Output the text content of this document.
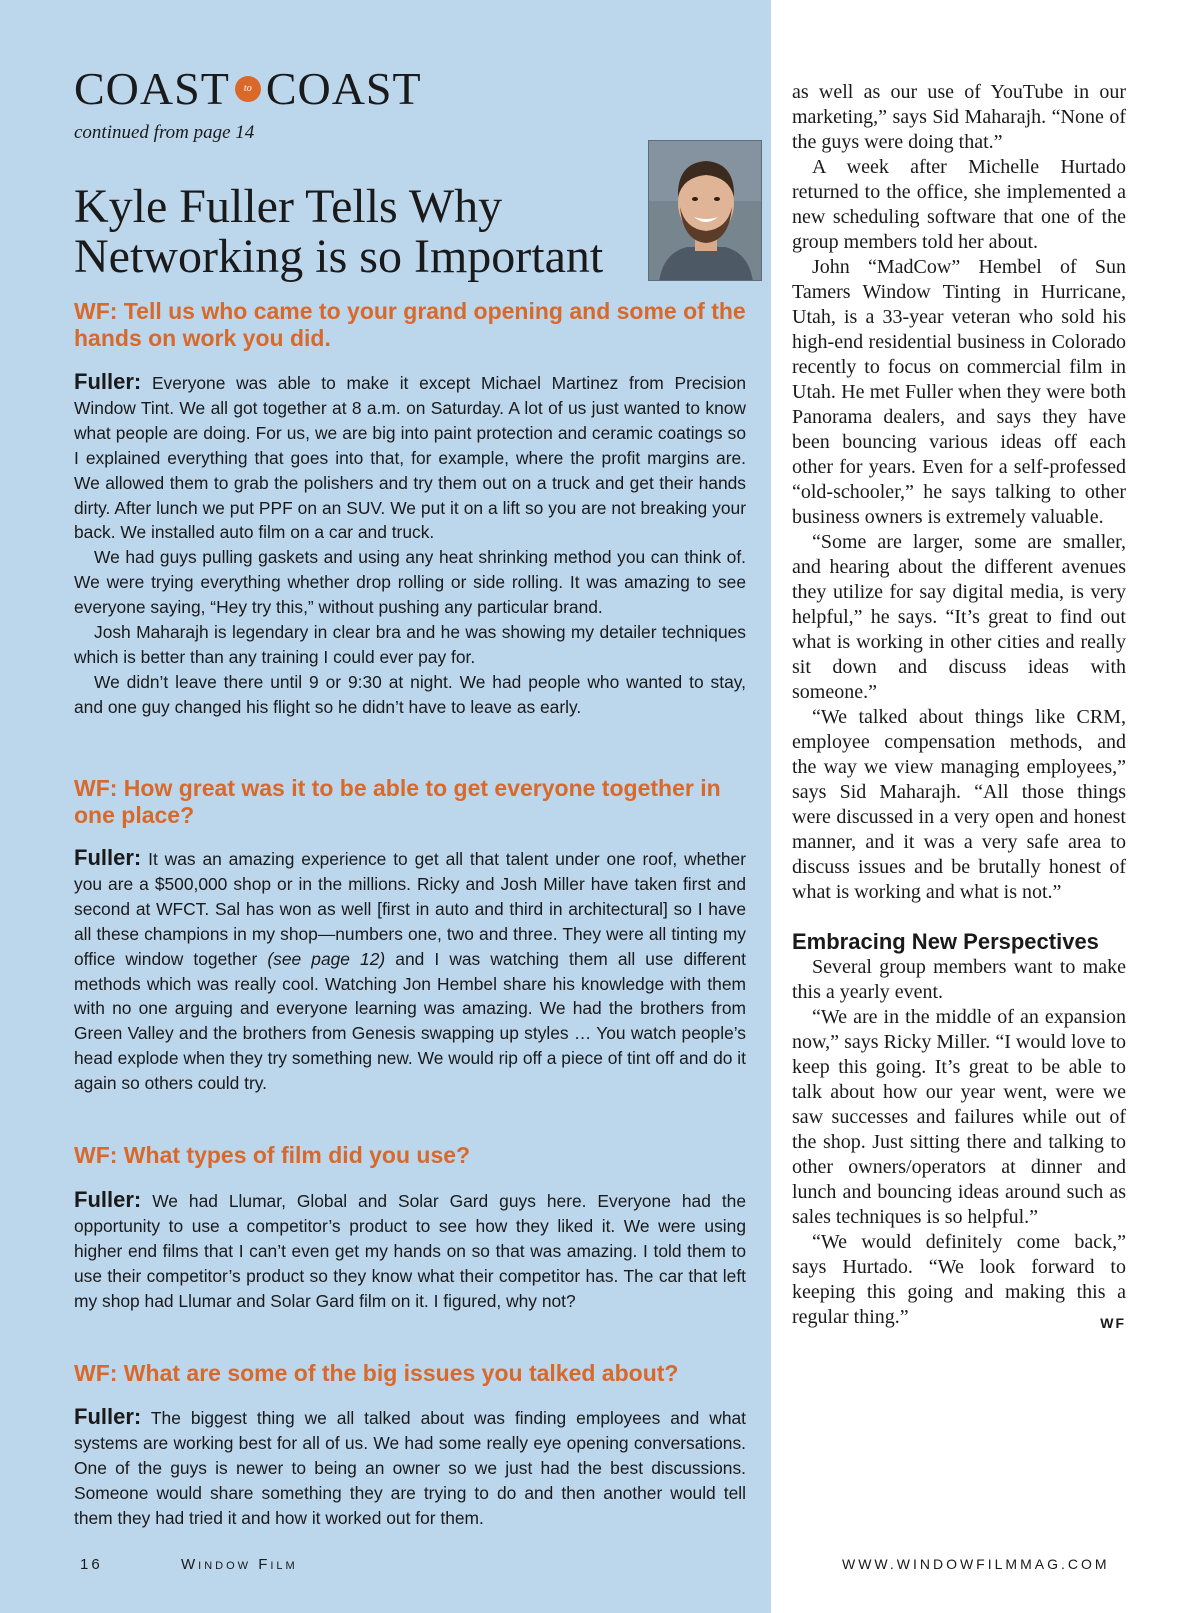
COAST	to COAST
continued from page 14
Kyle Fuller Tells Why
Networking is so Important
WF: Tell us who came to your grand opening and some of the hands on work you did.

Fuller: Everyone was able to make it except Michael Martinez from Precision Window Tint. We all got together at 8 a.m. on Saturday. A lot of us just wanted to know what people are doing. For us, we are big into paint protection and ceramic coatings so I explained everything that goes into that, for example, where the profit margins are. We allowed them to grab the polishers and try them out on a truck and get their hands dirty. After lunch we put PPF on an SUV. We put it on a lift so you are not breaking your back. We installed auto film on a car and truck.

We had guys pulling gaskets and using any heat shrinking method you can think of. We were trying everything whether drop rolling or side rolling. It was amazing to see everyone saying, “Hey try this,” without pushing any particular brand.

Josh Maharajh is legendary in clear bra and he was showing my detailer techniques which is better than any training I could ever pay for.

We didn’t leave there until 9 or 9:30 at night. We had people who wanted to stay, and one guy changed his flight so he didn’t have to leave as early.

WF: How great was it to be able to get everyone together in one place?

Fuller: It was an amazing experience to get all that talent under one roof, whether you are a $500,000 shop or in the millions. Ricky and Josh Miller have taken first and second at WFCT. Sal has won as well [first in auto and third in architectural] so I have all these champions in my shop—numbers one, two and three. They were all tinting my office window together (see page 12) and I was watching them all use different methods which was really cool. Watching Jon Hembel share his knowledge with them with no one arguing and everyone learning was amazing. We had the brothers from Green Valley and the brothers from Genesis swapping up styles … You watch people’s head explode when they try something new. We would rip off a piece of tint off and do it again so others could try.

WF: What types of film did you use?

Fuller: We had Llumar, Global and Solar Gard guys here. Everyone had the opportunity to use a competitor’s product to see how they liked it. We were using higher end films that I can’t even get my hands on so that was amazing. I told them to use their competitor’s product so they know what their competitor has. The car that left my shop had Llumar and Solar Gard film on it. I figured, why not?

WF: What are some of the big issues you talked about?

Fuller: The biggest thing we all talked about was finding employees and what systems are working best for all of us. We had some really eye opening conversations. One of the guys is newer to being an owner so we just had the best discussions. Someone would share something they are trying to do and then another would tell them they had tried it and how it worked out for them.

as well as our use of YouTube in our marketing,” says Sid Maharajh. “None of the guys were doing that.”

A week after Michelle Hurtado returned to the office, she implemented a new scheduling software that one of the group members told her about.

John “MadCow” Hembel of Sun Tamers Window Tinting in Hurricane, Utah, is a 33-year veteran who sold his high-end residential business in Colorado recently to focus on commercial film in Utah. He met Fuller when they were both Panorama dealers, and says they have been bouncing various ideas off each other for years. Even for a self-professed “old-schooler,” he says talking to other business owners is extremely valuable.

“Some are larger, some are smaller, and hearing about the different avenues they utilize for say digital media, is very helpful,” he says. “It’s great to find out what is working in other cities and really sit down and discuss ideas with someone.”

“We talked about things like CRM, employee compensation methods, and the way we view managing employees,” says Sid Maharajh. “All those things were discussed in a very open and honest manner, and it was a very safe area to discuss issues and be brutally honest of what is working and what is not.”

Embracing New Perspectives

Several group members want to make this a yearly event.

“We are in the middle of an expansion now,” says Ricky Miller. “I would love to keep this going. It’s great to be able to talk about how our year went, were we saw successes and failures while out of the shop. Just sitting there and talking to other owners/operators at dinner and lunch and bouncing ideas around such as sales techniques is so helpful.”

“We would definitely come back,” says Hurtado. “We look forward to keeping this going and making this a regular thing.”	WF

16	Window Film	WWW.WINDOWFILMMAG.COM
